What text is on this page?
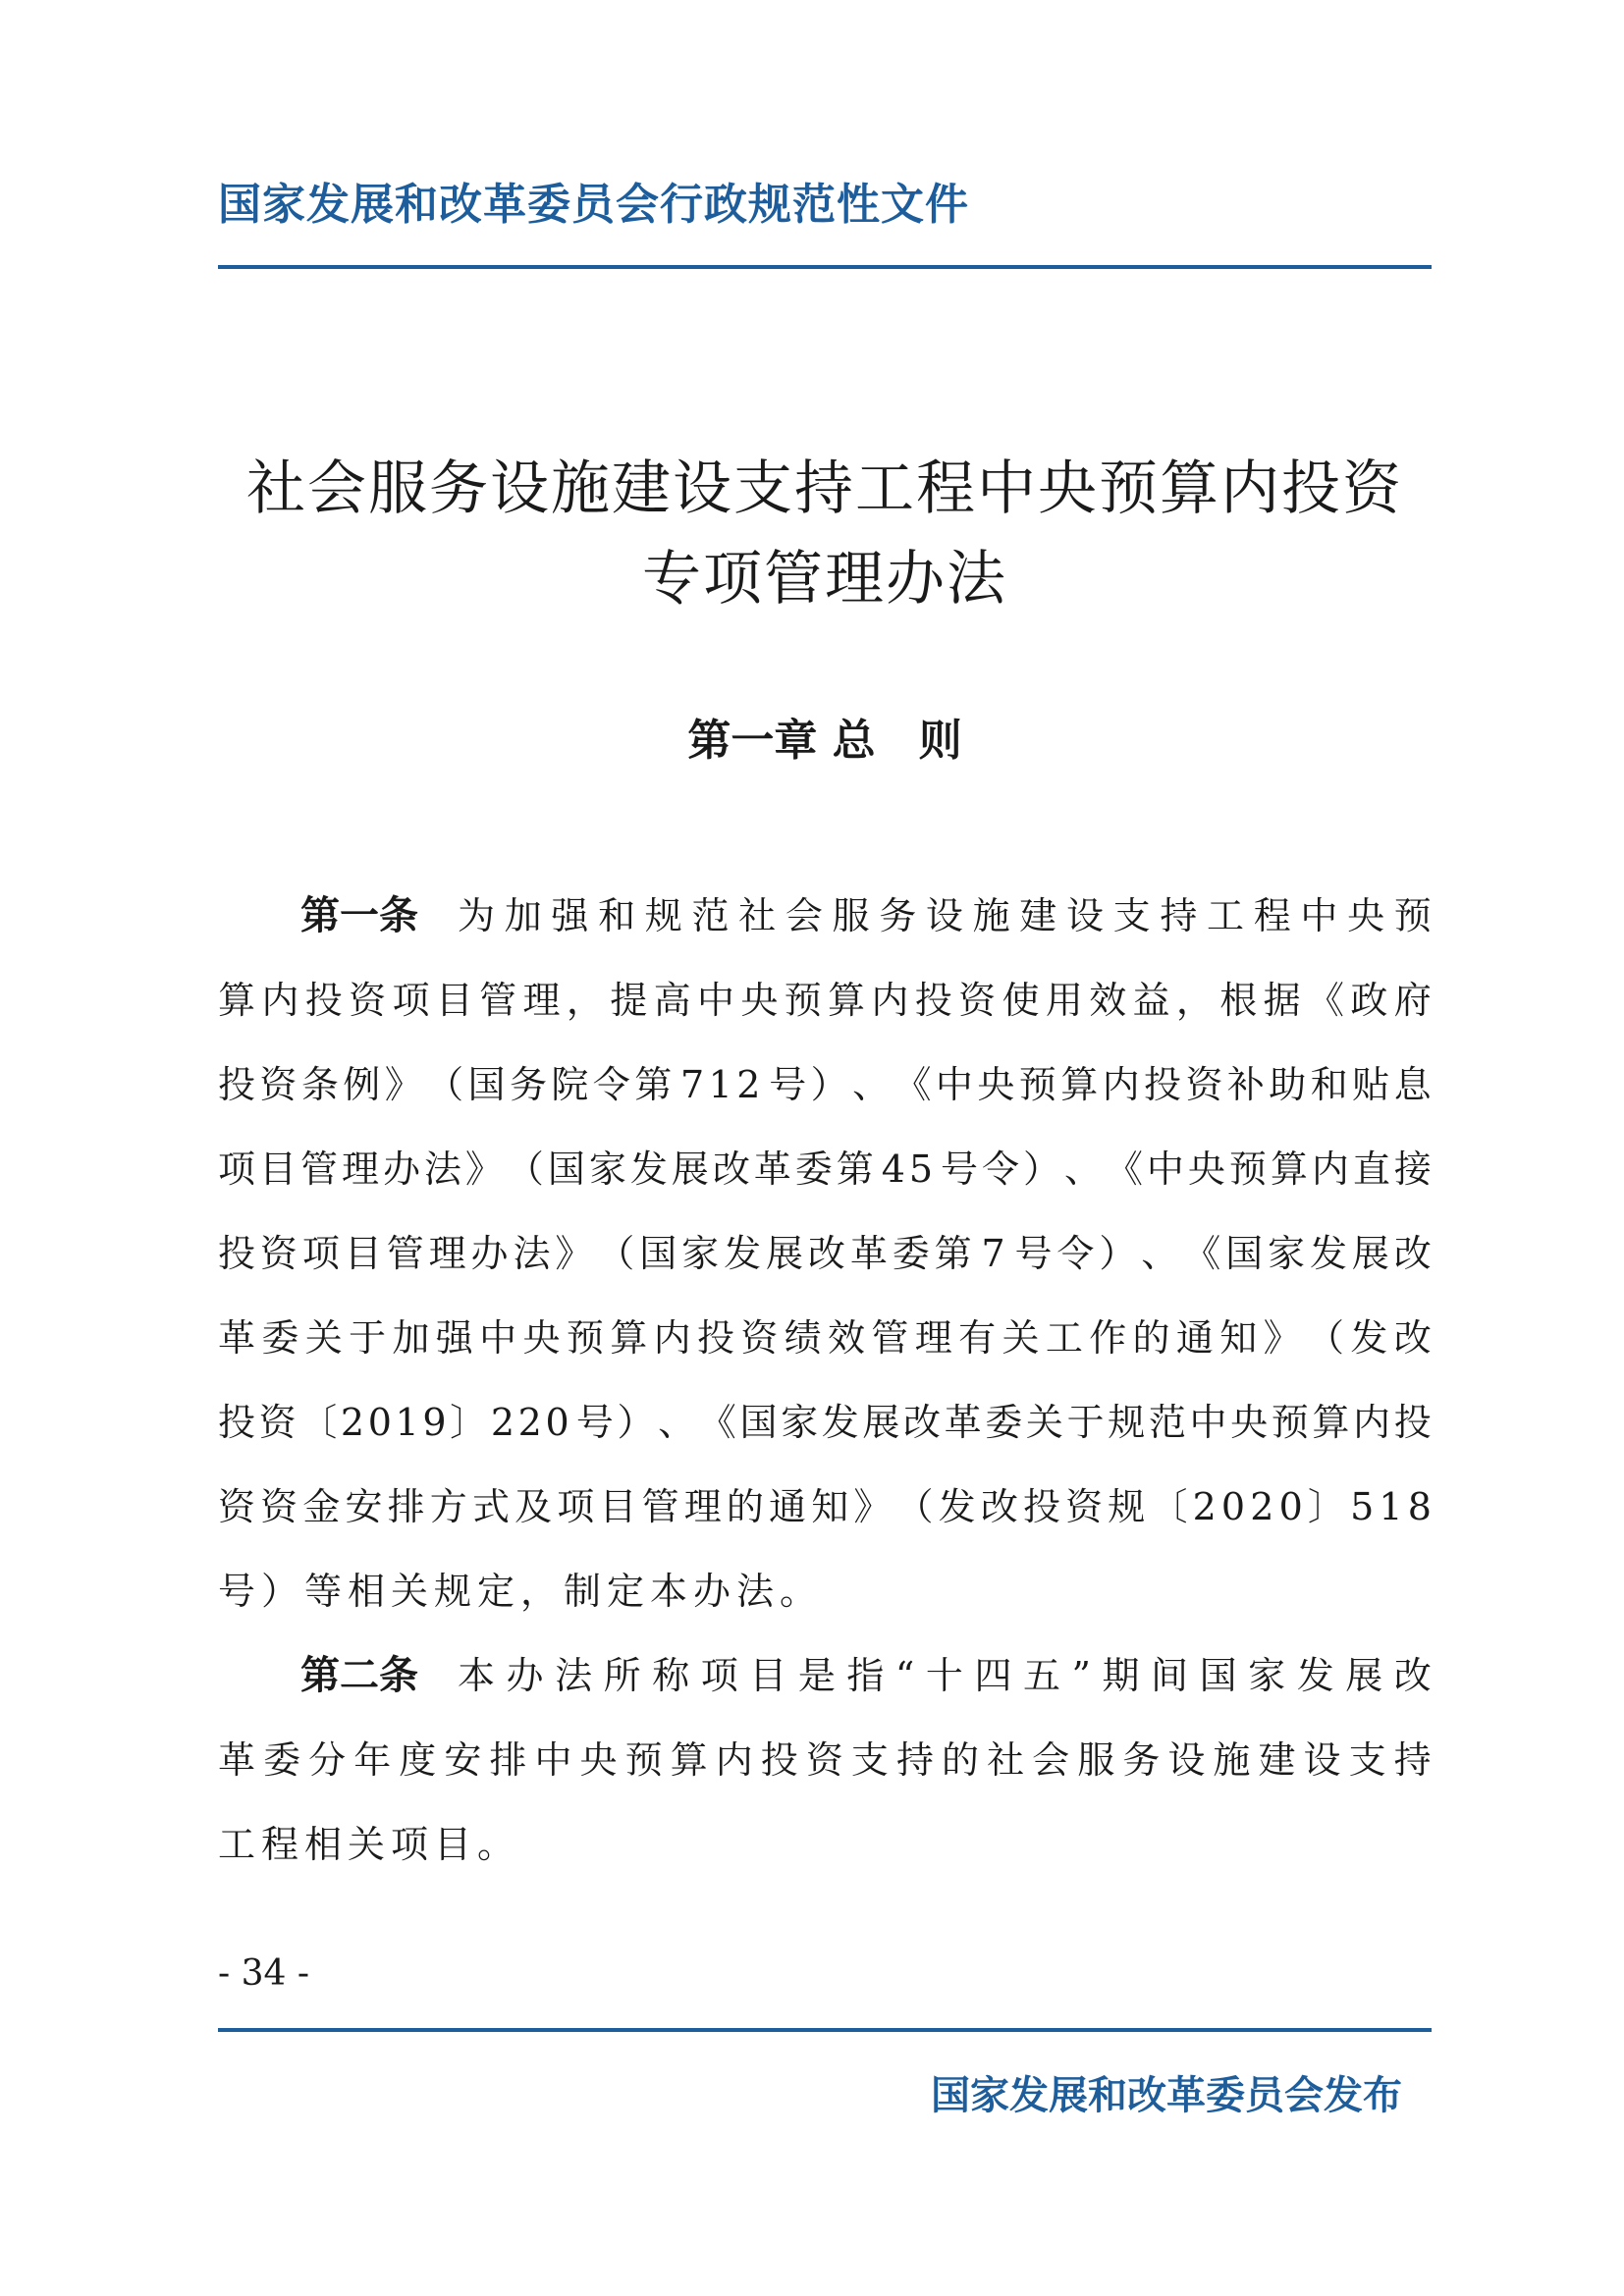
国家发展和改革委员会行政规范性文件
社会服务设施建设支持工程中央预算内投资
专项管理办法
第一章 总　则
第一条 为 加 强 和 规 范 社 会 服 务 设 施 建 设 支 持 工 程 中 央 预
算 内 投 资 项 目 管 理 ， 提 高 中 央 预 算 内 投 资 使 用 效 益 ， 根 据 《 政 府
投 资 条 例 》 （ 国 务 院 令 第 7 1 2 号 ） 、 《 中 央 预 算 内 投 资 补 助 和 贴 息
项 目 管 理 办 法 》 （ 国 家 发 展 改 革 委 第 4 5 号 令 ） 、 《 中 央 预 算 内 直 接
投 资 项 目 管 理 办 法 》 （ 国 家 发 展 改 革 委 第 7 号 令 ） 、 《 国 家 发 展 改
革 委 关 于 加 强 中 央 预 算 内 投 资 绩 效 管 理 有 关 工 作 的 通 知 》 （ 发 改
投 资 〔 2 0 1 9 〕 2 2 0 号 ） 、 《 国 家 发 展 改 革 委 关 于 规 范 中 央 预 算 内 投
资 资 金 安 排 方 式 及 项 目 管 理 的 通 知 》 （ 发 改 投 资 规 〔 2 0 2 0 〕 5 1 8
号）等相关规定，制定本办法。
第二条 本 办 法 所 称 项 目 是 指 “ 十 四 五 ” 期 间 国 家 发 展 改
革 委 分 年 度 安 排 中 央 预 算 内 投 资 支 持 的 社 会 服 务 设 施 建 设 支 持
工程相关项目。
- 34 -
国家发展和改革委员会发布
